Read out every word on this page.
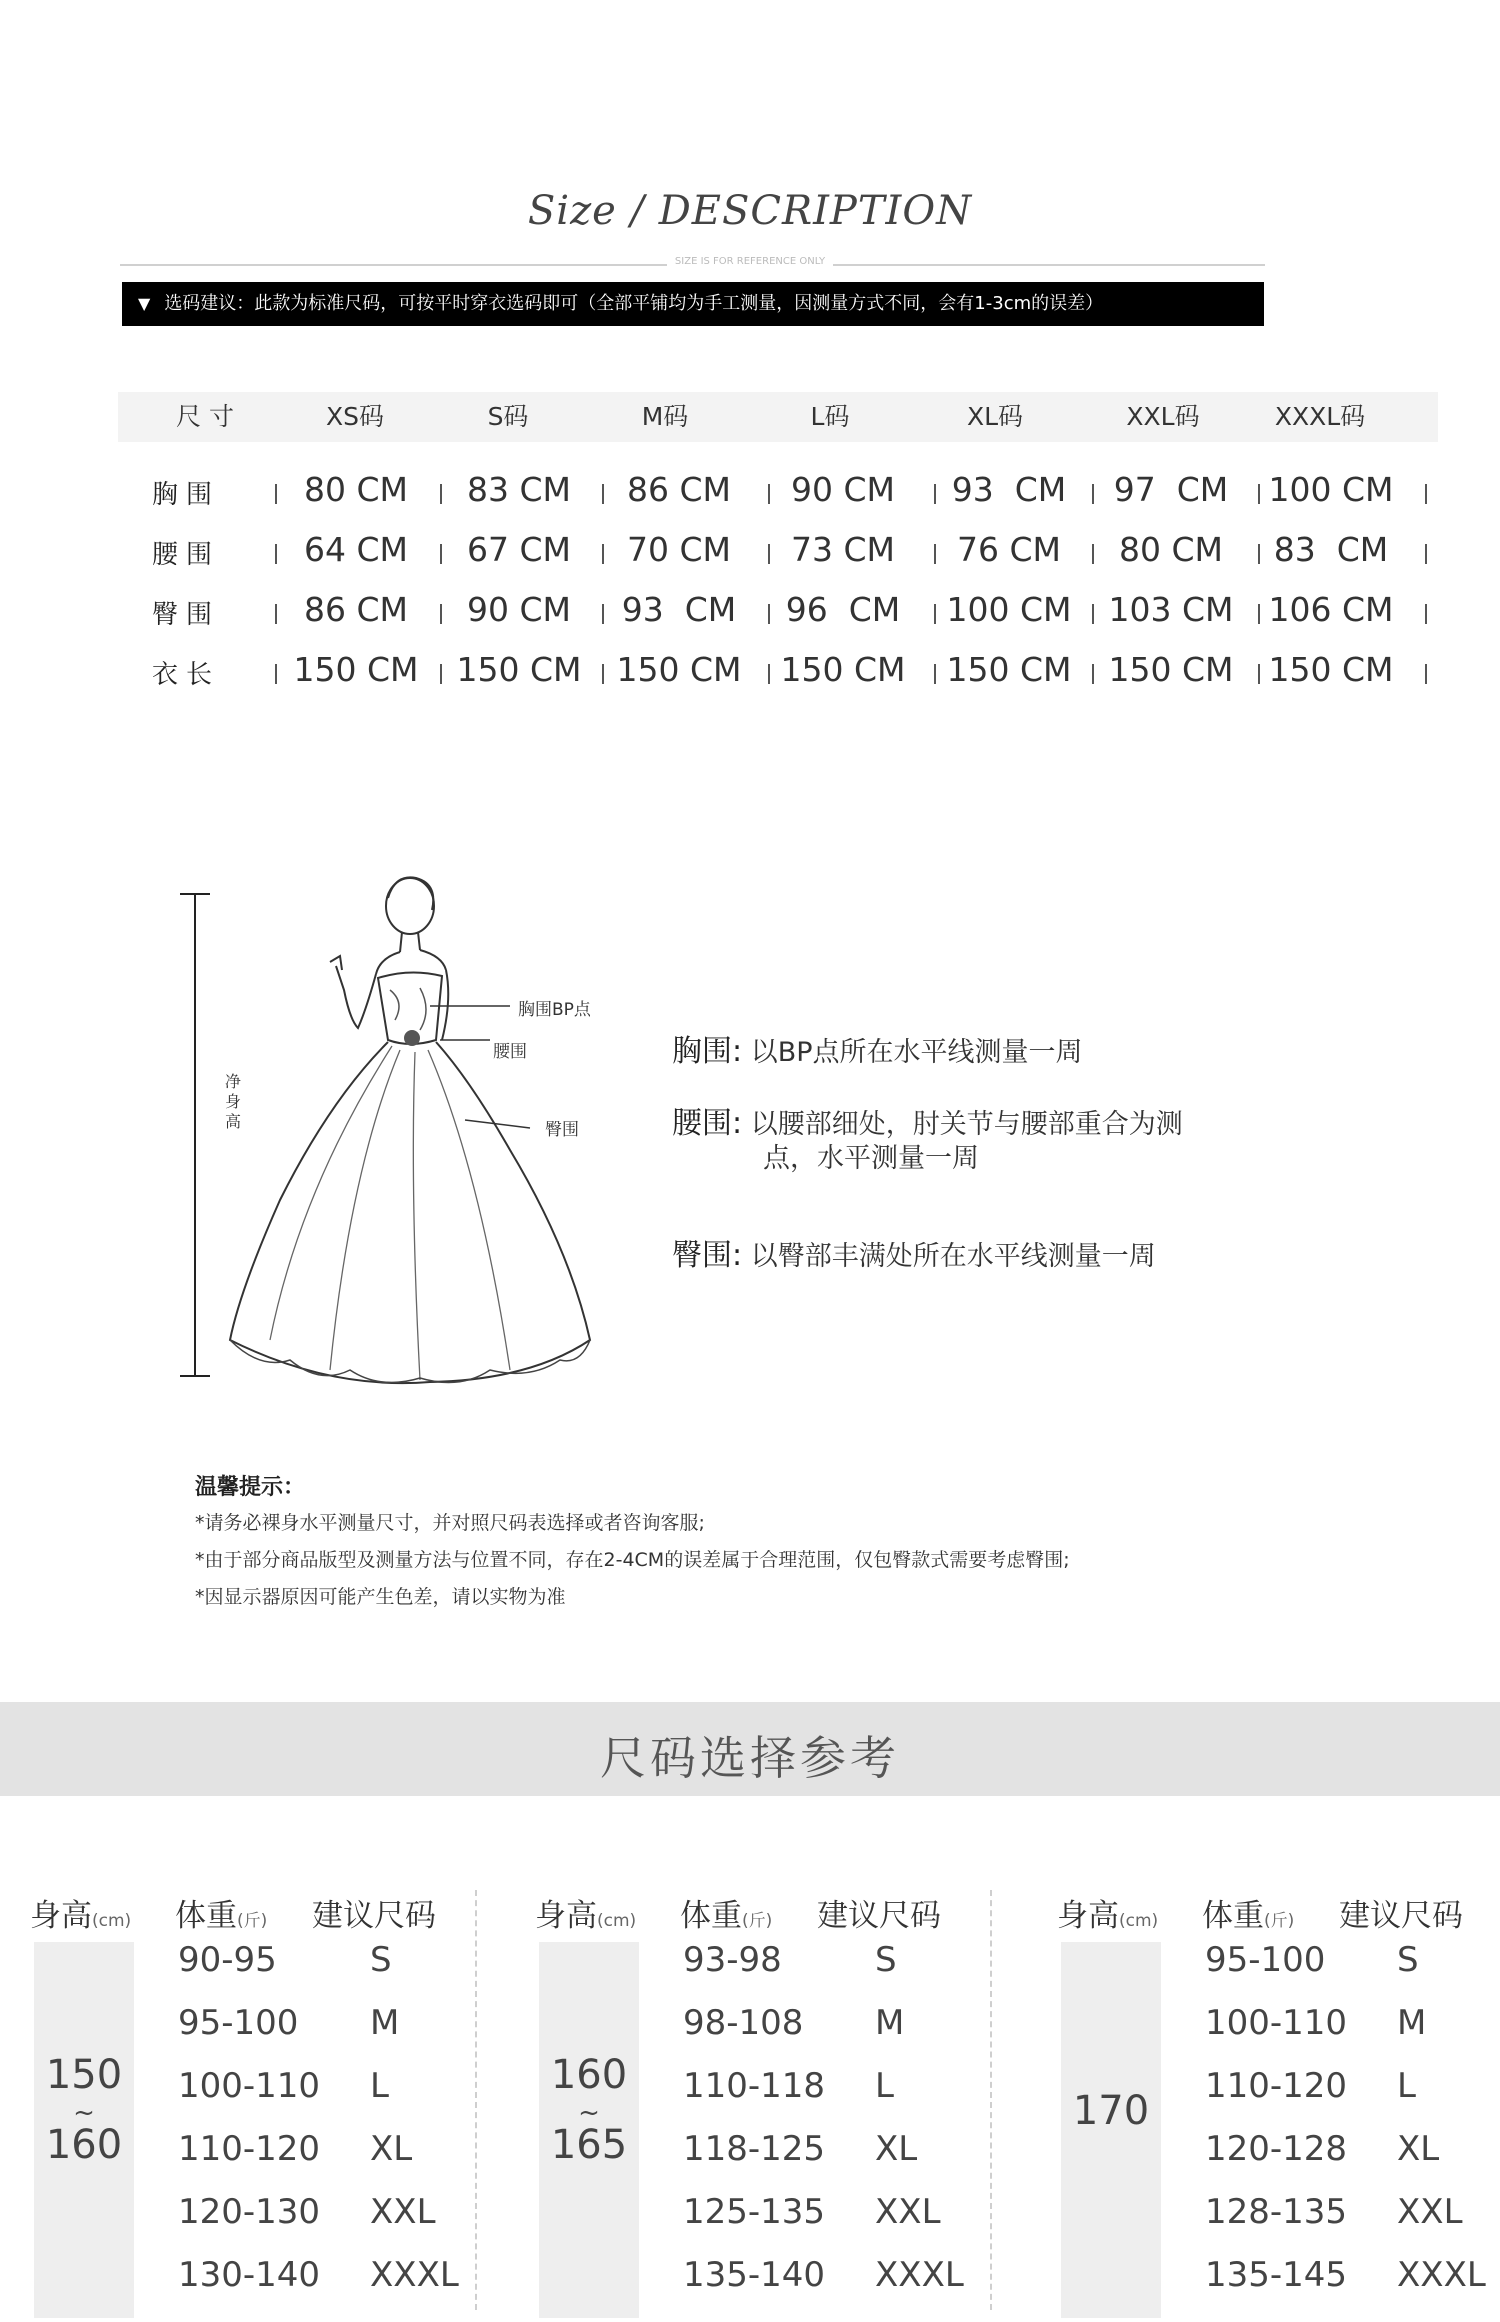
Size / DESCRIPTION
SIZE IS FOR REFERENCE ONLY
▼ 选码建议：此款为标准尺码，可按平时穿衣选码即可（全部平铺均为手工测量，因测量方式不同，会有1-3cm的误差）
尺 寸	XS码	S码	M码	L码	XL码	XXL码	XXXL码
胸围	80 CM	83 CM	86 CM	90 CM	93  CM	97  CM	100 CM
腰围	64 CM	67 CM	70 CM	73 CM	76 CM	80 CM	83  CM
臀围	86 CM	90 CM	93  CM	96  CM	100 CM	103 CM	106 CM
衣长	150 CM	150 CM	150 CM	150 CM	150 CM	150 CM	150 CM
净身高
胸围BP点
腰围
臀围
胸围: 以BP点所在水平线测量一周
腰围: 以腰部细处，肘关节与腰部重合为测
点，水平测量一周
臀围: 以臀部丰满处所在水平线测量一周
温馨提示：
*请务必裸身水平测量尺寸，并对照尺码表选择或者咨询客服;
*由于部分商品版型及测量方法与位置不同，存在2-4CM的误差属于合理范围，仅包臀款式需要考虑臀围;
*因显示器原因可能产生色差，请以实物为准
尺码选择参考
身高(cm) 体重(斤) 建议尺码
150
~
160
90-95	S
95-100 M
100-110 L
110-120 XL
120-130 XXL
130-140 XXXL
身高(cm) 体重(斤) 建议尺码
160
~
165
93-98	S
98-108 M
110-118 L
118-125 XL
125-135 XXL
135-140 XXXL
身高(cm) 体重(斤) 建议尺码
170
95-100 S
100-110 M
110-120 L
120-128 XL
128-135 XXL
135-145 XXXL
